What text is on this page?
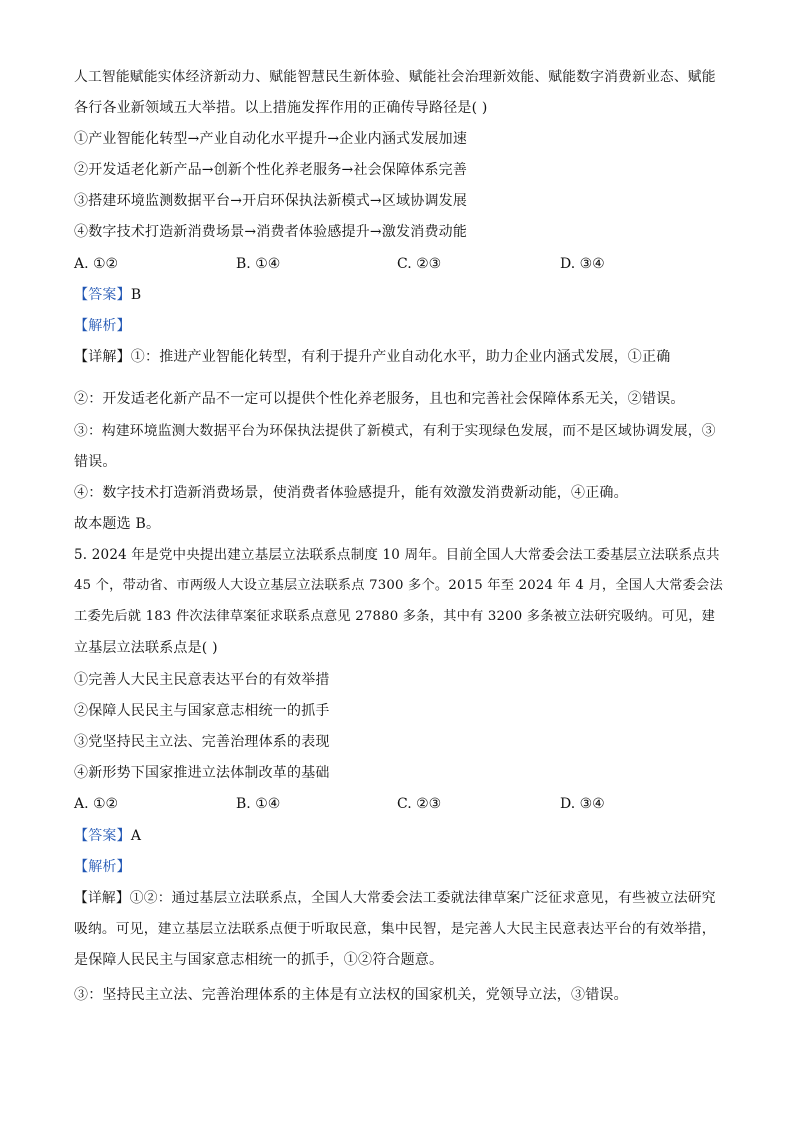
人工智能赋能实体经济新动力、赋能智慧民生新体验、赋能社会治理新效能、赋能数字消费新业态、赋能
各行各业新领域五大举措。以上措施发挥作用的正确传导路径是( )
①产业智能化转型→产业自动化水平提升→企业内涵式发展加速
②开发适老化新产品→创新个性化养老服务→社会保障体系完善
③搭建环境监测数据平台→开启环保执法新模式→区域协调发展
④数字技术打造新消费场景→消费者体验感提升→激发消费动能
A. ①②	B. ①④	C. ②③	D. ③④
【答案】B
【解析】
【详解】①：推进产业智能化转型，有利于提升产业自动化水平，助力企业内涵式发展，①正确
②：开发适老化新产品不一定可以提供个性化养老服务，且也和完善社会保障体系无关，②错误。
③：构建环境监测大数据平台为环保执法提供了新模式，有利于实现绿色发展，而不是区域协调发展，③
错误。
④：数字技术打造新消费场景，使消费者体验感提升，能有效激发消费新动能，④正确。
故本题选 B。
5. 2024 年是党中央提出建立基层立法联系点制度 10 周年。目前全国人大常委会法工委基层立法联系点共
45 个，带动省、市两级人大设立基层立法联系点 7300 多个。2015 年至 2024 年 4 月，全国人大常委会法
工委先后就 183 件次法律草案征求联系点意见 27880 多条，其中有 3200 多条被立法研究吸纳。可见，建
立基层立法联系点是( )
①完善人大民主民意表达平台的有效举措
②保障人民民主与国家意志相统一的抓手
③党坚持民主立法、完善治理体系的表现
④新形势下国家推进立法体制改革的基础
A. ①②	B. ①④	C. ②③	D. ③④
【答案】A
【解析】
【详解】①②：通过基层立法联系点，全国人大常委会法工委就法律草案广泛征求意见，有些被立法研究
吸纳。可见，建立基层立法联系点便于听取民意，集中民智，是完善人大民主民意表达平台的有效举措，
是保障人民民主与国家意志相统一的抓手，①②符合题意。
③：坚持民主立法、完善治理体系的主体是有立法权的国家机关，党领导立法，③错误。
